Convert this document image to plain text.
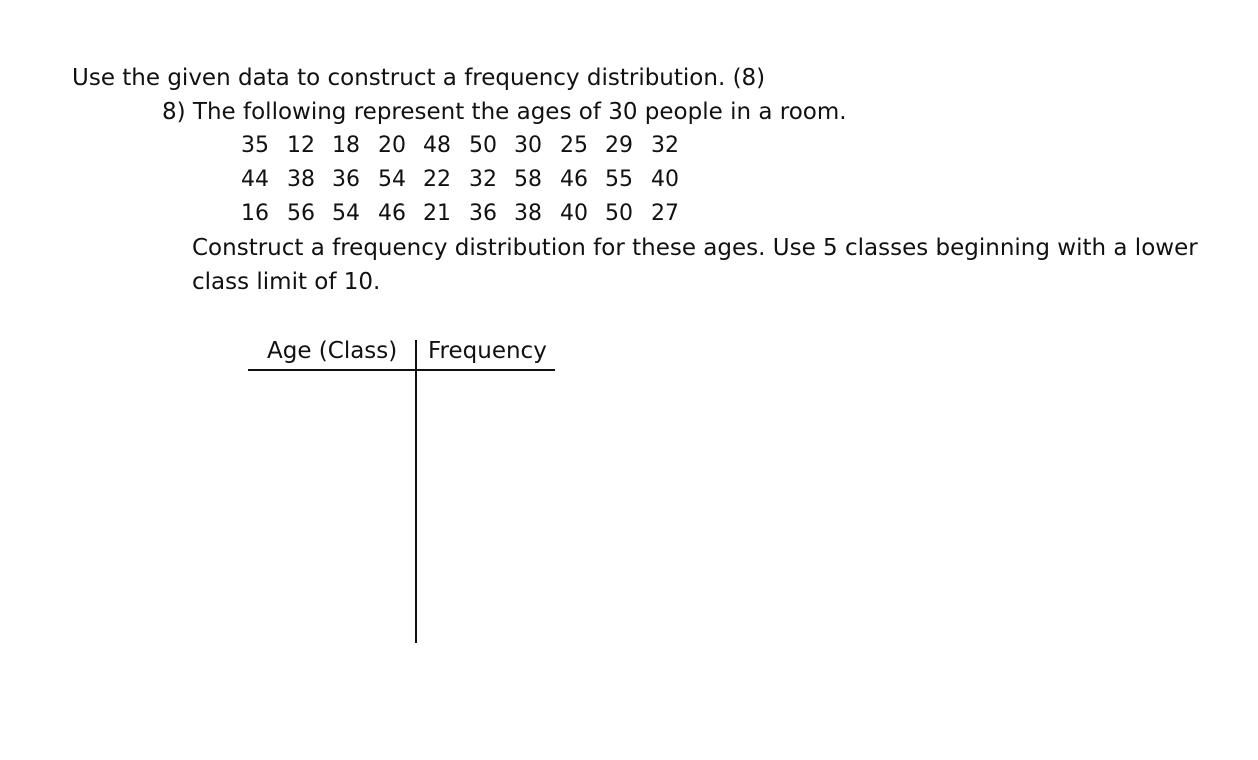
Use the given data to construct a frequency distribution. (8)
8) The following represent the ages of 30 people in a room.
35 12 18 20 48 50 30 25 29 32
44 38 36 54 22 32 58 46 55 40
16 56 54 46 21 36 38 40 50 27
Construct a frequency distribution for these ages. Use 5 classes beginning with a lower
class limit of 10.
Age (Class) Frequency
